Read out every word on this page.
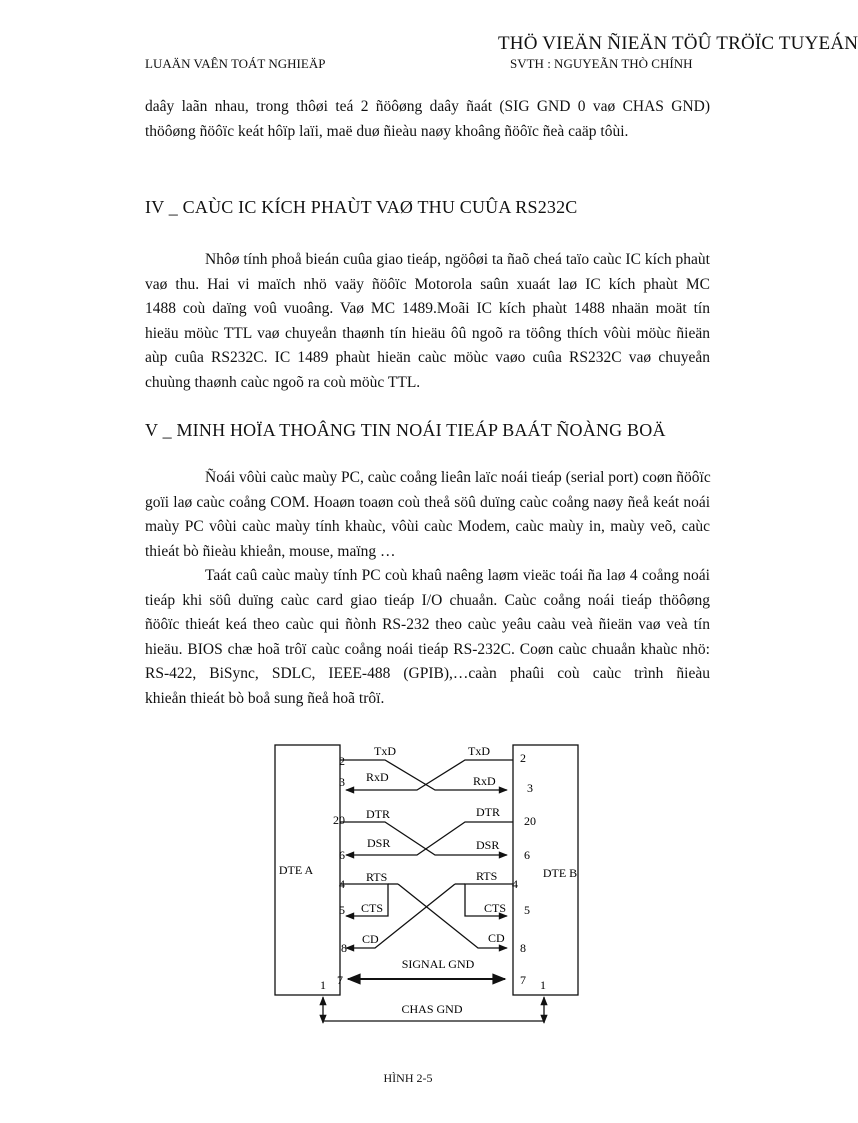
THÖ VIEÄN ÑIEÄN TÖÛ TRÖÏC TUYEÁN
LUAÄN VAÊN TOÁT NGHIEÄP	SVTH : NGUYEÃN THÒ CHÍNH
daây laãn nhau, trong thôøi teá 2 ñöôøng daây ñaát (SIG GND 0 vaø CHAS GND)
thöôøng ñöôïc keát hôïp laïi, maë duø ñieàu naøy khoâng ñöôïc ñeà caäp tôùi.
IV _ CAÙC IC KÍCH PHAÙT VAØ THU CUÛA RS232C
Nhôø tính phoå bieán cuûa giao tieáp, ngöôøi ta ñaõ cheá taïo caùc IC kích phaùt
vaø thu. Hai vi maïch nhö vaäy ñöôïc Motorola saûn xuaát laø IC kích phaùt MC
1488 coù daïng voû vuoâng. Vaø MC 1489.Moãi IC kích phaùt 1488 nhaän moät tín
hieäu möùc TTL vaø chuyeån thaønh tín hieäu ôû ngoõ ra töông thích vôùi möùc ñieän
aùp cuûa RS232C. IC 1489 phaùt hieän caùc möùc vaøo cuûa RS232C vaø chuyeån
chuùng thaønh caùc ngoõ ra coù möùc TTL.
V _ MINH HOÏA THOÂNG TIN NOÁI TIEÁP BAÁT ÑOÀNG BOÄ
Ñoái vôùi caùc maùy PC, caùc coång lieân laïc noái tieáp (serial port) coøn ñöôïc
goïi laø caùc coång COM. Hoaøn toaøn coù theå söû duïng caùc coång naøy ñeå keát noái
maùy PC vôùi caùc maùy tính khaùc, vôùi caùc Modem, caùc maùy in, maùy veõ, caùc
thieát bò ñieàu khieån, mouse, maïng …
Taát caû caùc maùy tính PC coù khaû naêng laøm vieäc toái ña laø 4 coång noái
tieáp khi söû duïng caùc card giao tieáp I/O chuaån. Caùc coång noái tieáp thöôøng
ñöôïc thieát keá theo caùc qui ñònh RS-232 theo caùc yeâu caàu veà ñieän vaø veà tín
hieäu. BIOS chæ hoã trôï caùc coång noái tieáp RS-232C. Coøn caùc chuaån khaùc nhö:
RS-422, BiSync, SDLC, IEEE-488 (GPIB),…caàn phaûi coù caùc trình ñieàu
khieån thieát bò boå sung ñeå hoã trôï.
DTE A	DTE B
2
3
20
6
4
5
8
7
1
2
3
20
6
4
5
8
7 1
TxD
RxD
DTR
DSR
RTS
CTS
CD
TxD
RxD
DTR
DSR
RTS
CTS
CD
SIGNAL GND
CHAS GND
HÌNH 2-5
